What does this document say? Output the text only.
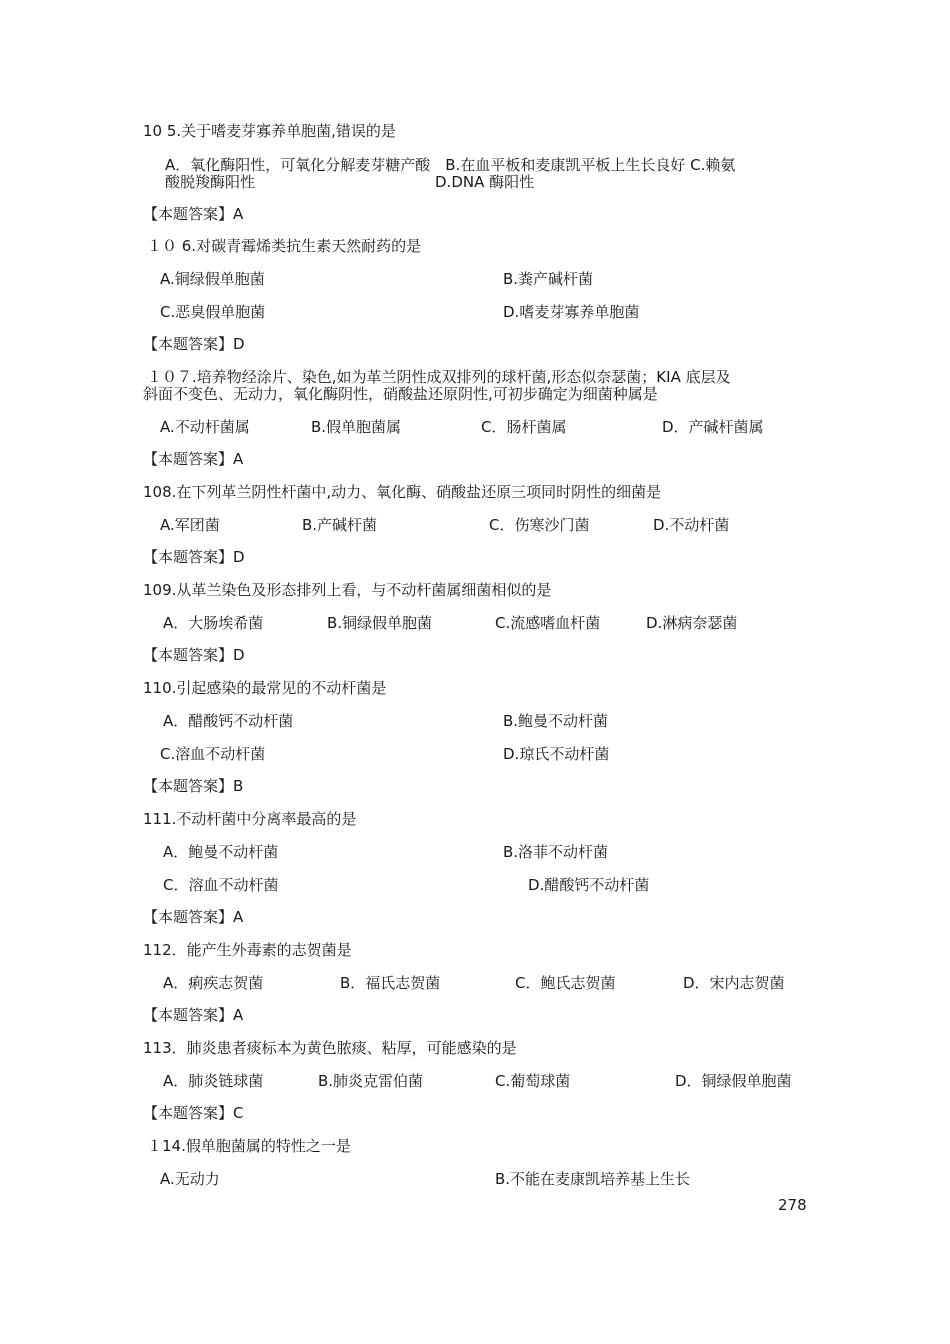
10 5.关于嗜麦芽寡养单胞菌,错误的是
A．氧化酶阳性，可氧化分解麦芽糖产酸　B.在血平板和麦康凯平板上生长良好 C.赖氨
酸脱羧酶阳性　　　　　　　　　　　　D.DNA 酶阳性
【本题答案】A
１０ 6.对碳青霉烯类抗生素天然耐药的是
A.铜绿假单胞菌	B.粪产碱杆菌
C.恶臭假单胞菌	D.嗜麦芽寡养单胞菌
【本题答案】D
１０７.培养物经涂片、染色,如为革兰阴性成双排列的球杆菌,形态似奈瑟菌；KIA 底层及
斜面不变色、无动力，氧化酶阴性，硝酸盐还原阴性,可初步确定为细菌种属是
A.不动杆菌属	B.假单胞菌属	C．肠杆菌属	D．产碱杆菌属
【本题答案】A
108.在下列革兰阴性杆菌中,动力、氧化酶、硝酸盐还原三项同时阴性的细菌是
A.军团菌	B.产碱杆菌	C．伤寒沙门菌	D.不动杆菌
【本题答案】D
109.从革兰染色及形态排列上看，与不动杆菌属细菌相似的是
A．大肠埃希菌	B.铜绿假单胞菌	C.流感嗜血杆菌	D.淋病奈瑟菌
【本题答案】D
110.引起感染的最常见的不动杆菌是
A．醋酸钙不动杆菌	B.鲍曼不动杆菌
C.溶血不动杆菌	D.琼氏不动杆菌
【本题答案】B
111.不动杆菌中分离率最高的是
A．鲍曼不动杆菌	B.洛菲不动杆菌
C．溶血不动杆菌	D.醋酸钙不动杆菌
【本题答案】A
112．能产生外毒素的志贺菌是
A．痢疾志贺菌	B．福氏志贺菌	C．鲍氏志贺菌	D．宋内志贺菌
【本题答案】A
113．肺炎患者痰标本为黄色脓痰、粘厚，可能感染的是
A．肺炎链球菌	B.肺炎克雷伯菌	C.葡萄球菌	D．铜绿假单胞菌
【本题答案】C
１14.假单胞菌属的特性之一是
A.无动力	B.不能在麦康凯培养基上生长
278
